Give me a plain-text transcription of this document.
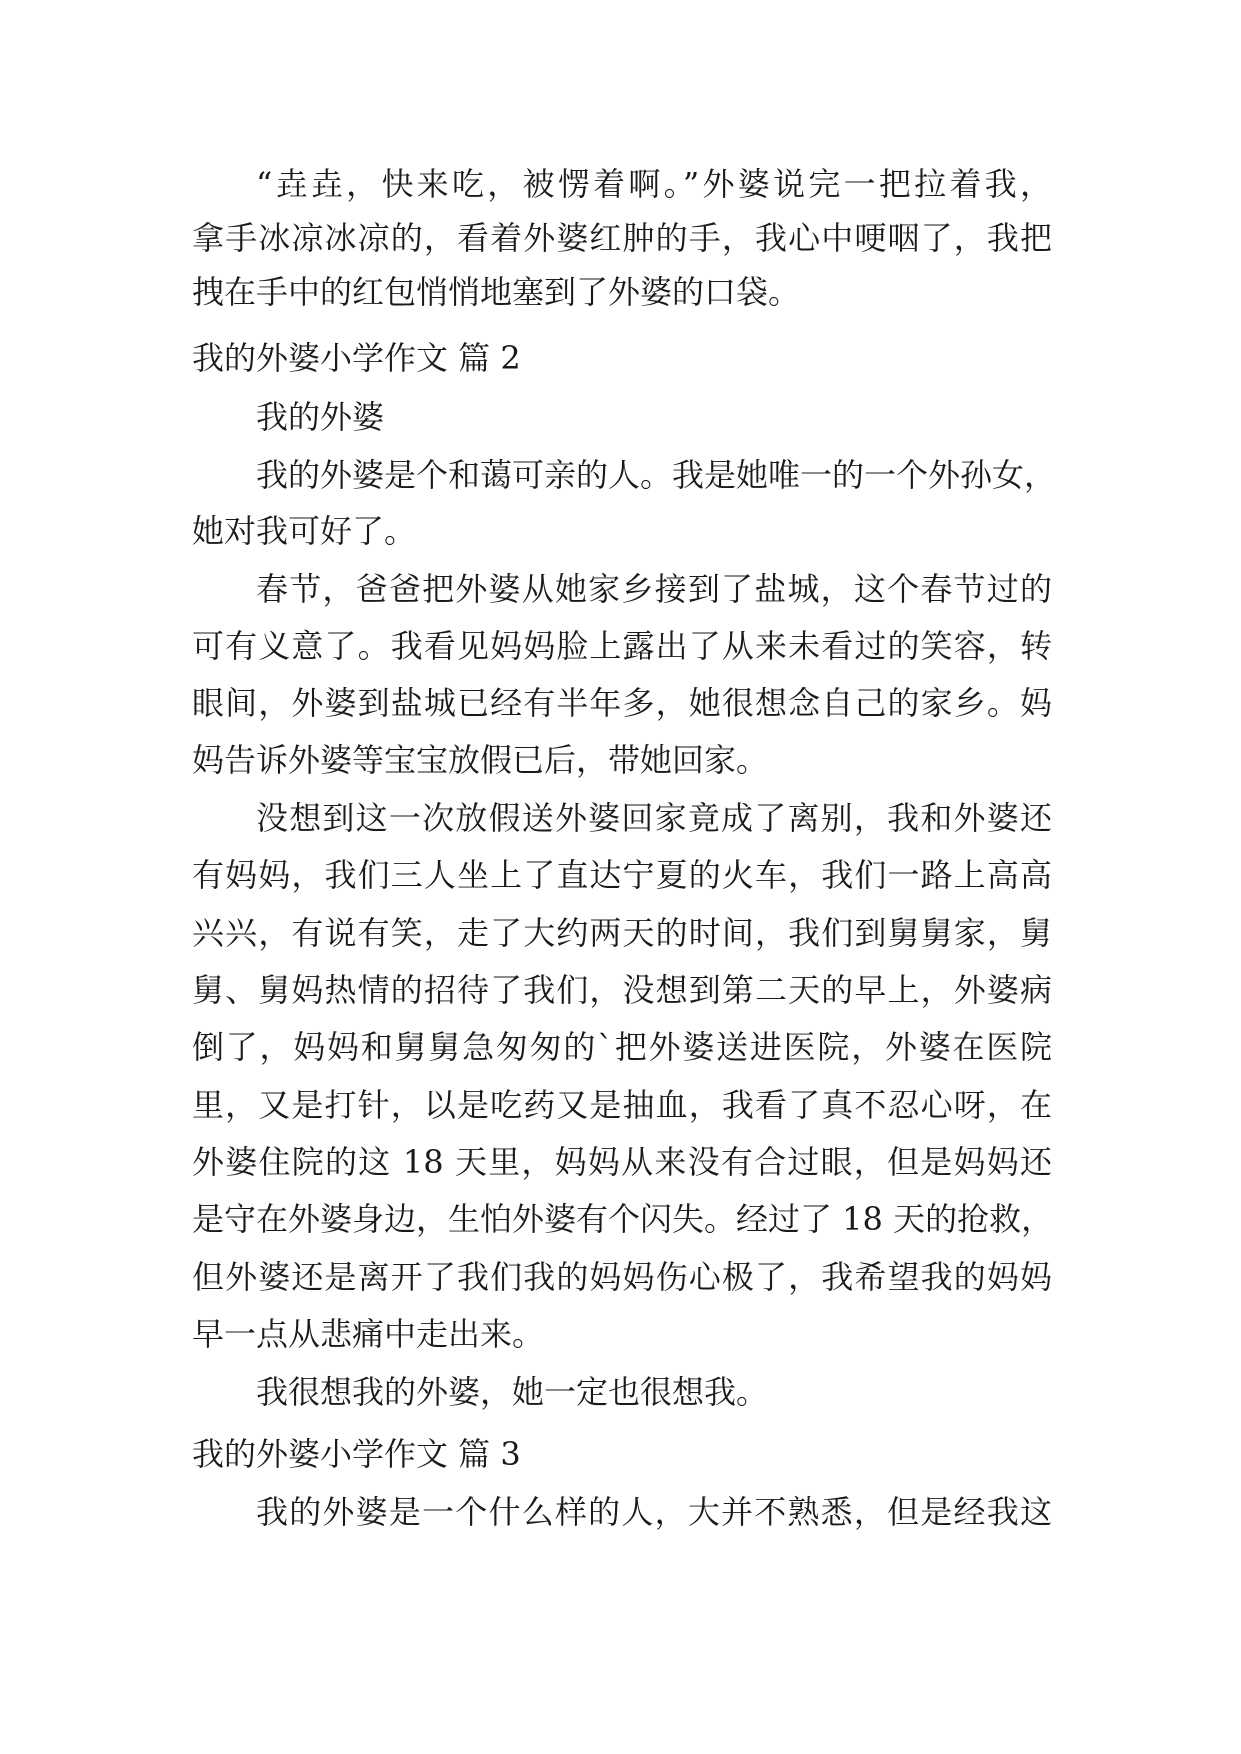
“垚垚，快来吃，被愣着啊。”外婆说完一把拉着我，
拿手冰凉冰凉的，看着外婆红肿的手，我心中哽咽了，我把
拽在手中的红包悄悄地塞到了外婆的口袋。
我的外婆小学作文 篇 2
我的外婆
我的外婆是个和蔼可亲的人。我是她唯一的一个外孙女，
她对我可好了。
春节，爸爸把外婆从她家乡接到了盐城，这个春节过的
可有义意了。我看见妈妈脸上露出了从来未看过的笑容，转
眼间，外婆到盐城已经有半年多，她很想念自己的家乡。妈
妈告诉外婆等宝宝放假已后，带她回家。
没想到这一次放假送外婆回家竟成了离别，我和外婆还
有妈妈，我们三人坐上了直达宁夏的火车，我们一路上高高
兴兴，有说有笑，走了大约两天的时间，我们到舅舅家，舅
舅、舅妈热情的招待了我们，没想到第二天的早上，外婆病
倒了，妈妈和舅舅急匆匆的`把外婆送进医院，外婆在医院
里，又是打针，以是吃药又是抽血，我看了真不忍心呀，在
外婆住院的这 18 天里，妈妈从来没有合过眼，但是妈妈还
是守在外婆身边，生怕外婆有个闪失。经过了 18 天的抢救，
但外婆还是离开了我们我的妈妈伤心极了，我希望我的妈妈
早一点从悲痛中走出来。
我很想我的外婆，她一定也很想我。
我的外婆小学作文 篇 3
我的外婆是一个什么样的人，大并不熟悉，但是经我这
